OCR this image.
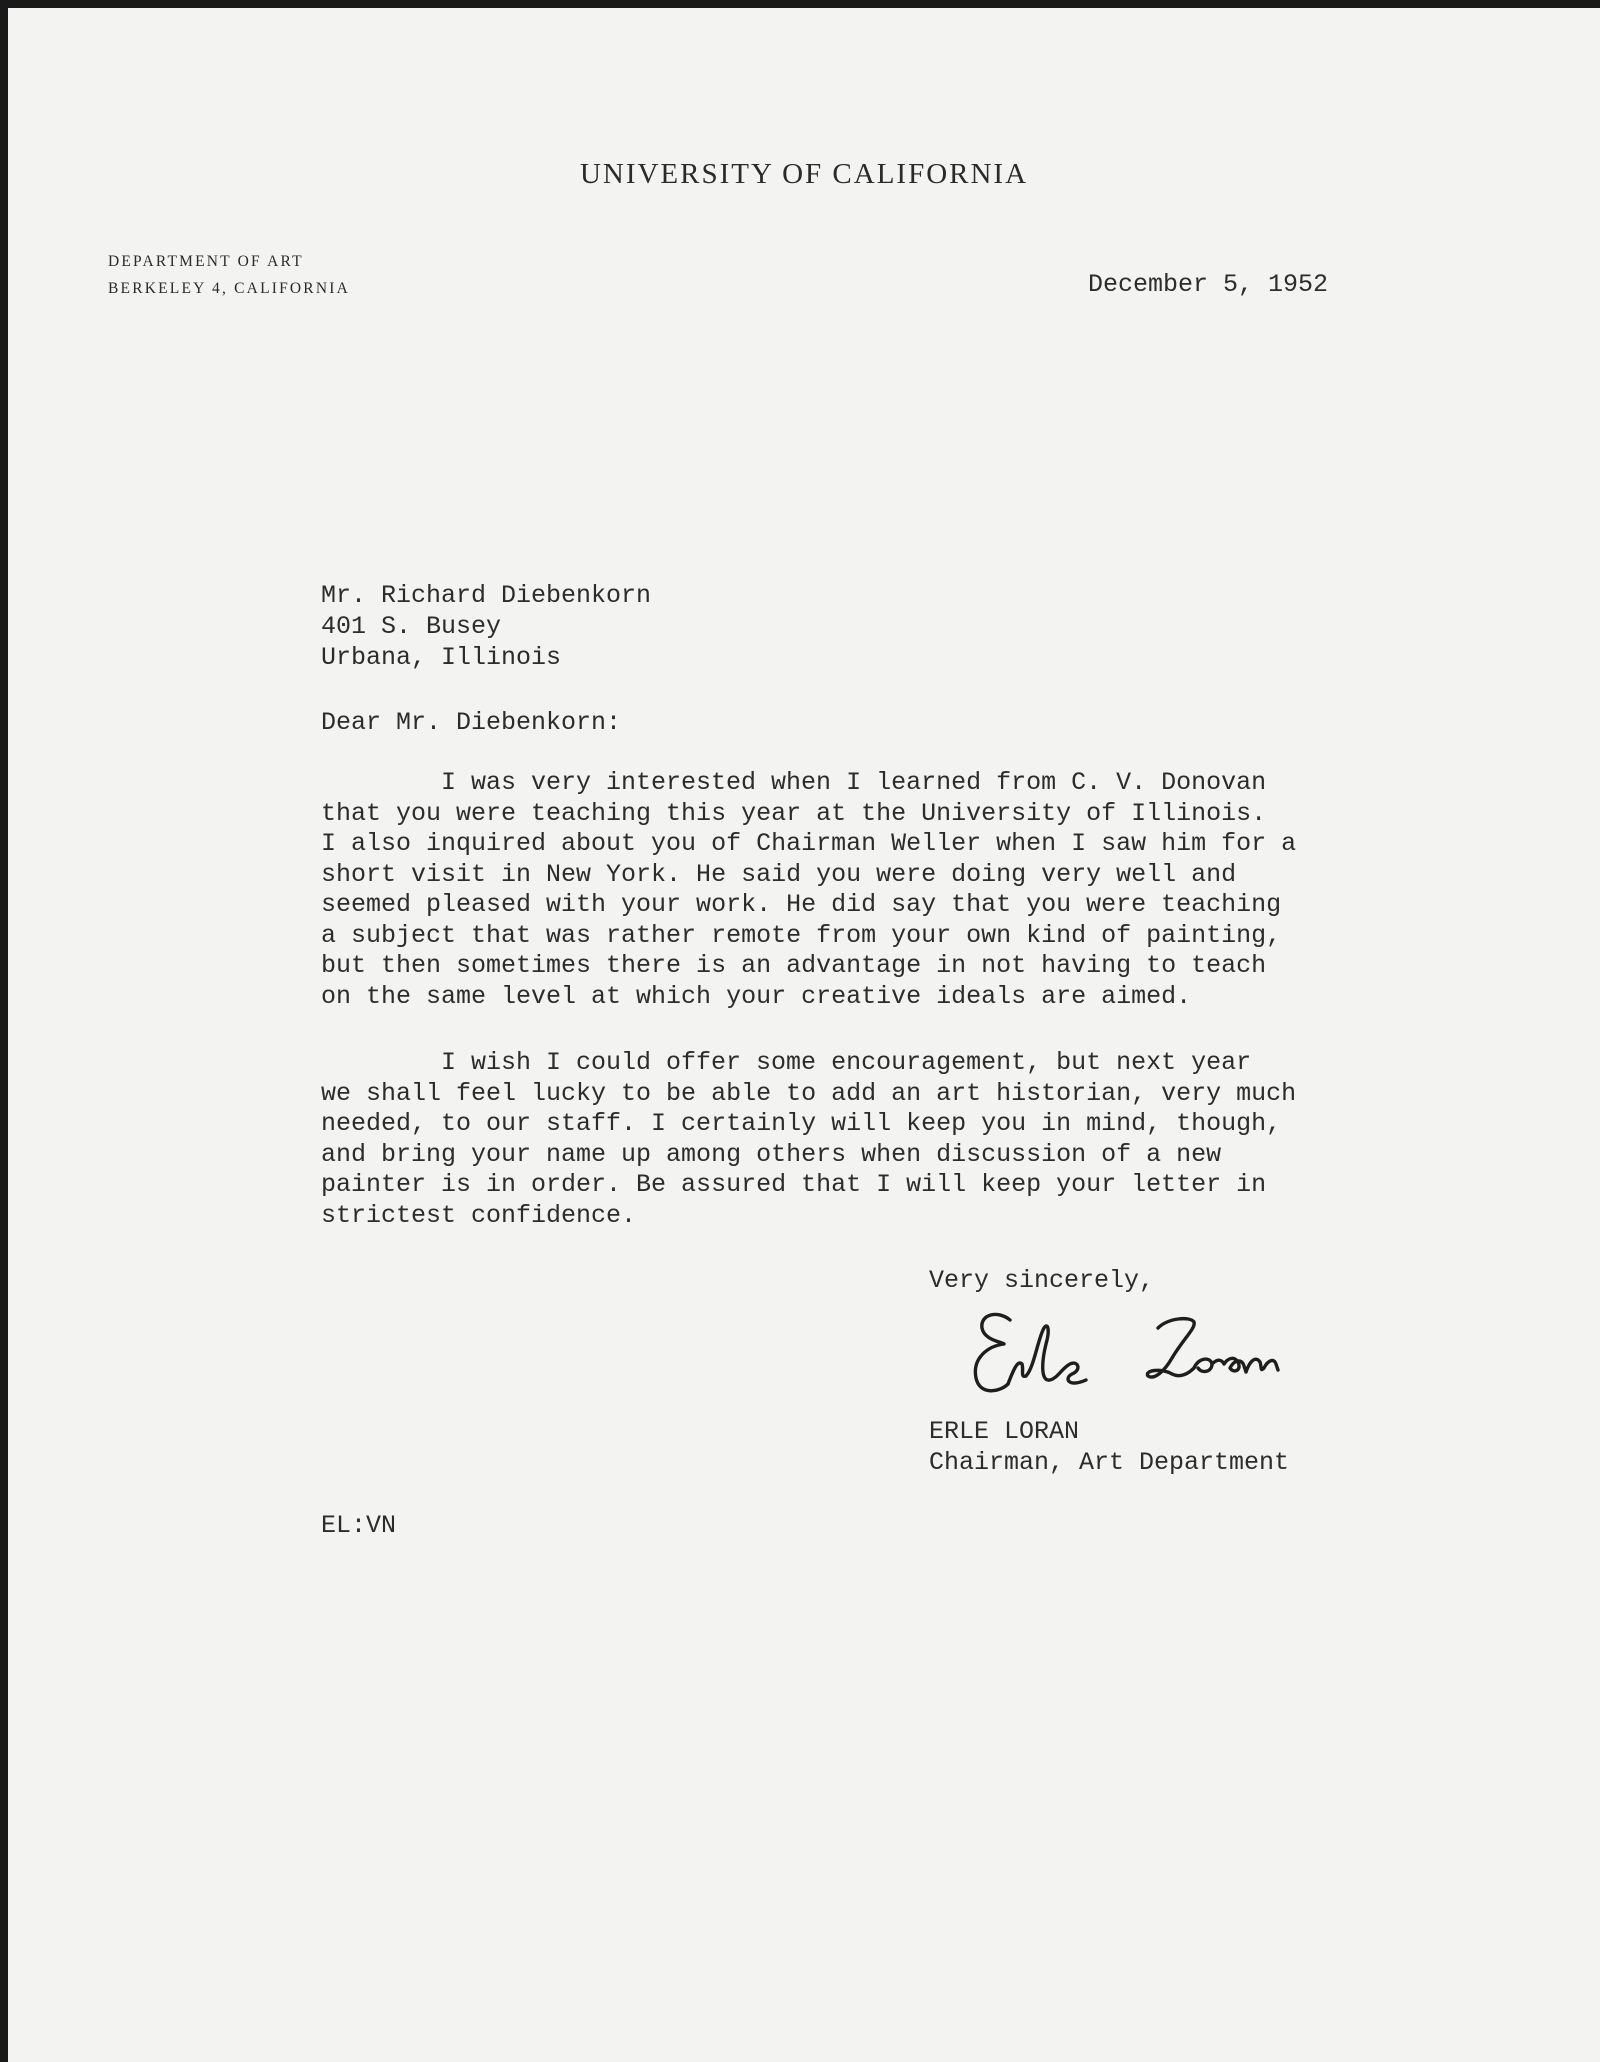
UNIVERSITY OF CALIFORNIA
DEPARTMENT OF ART
BERKELEY 4, CALIFORNIA	December 5, 1952
Mr. Richard Diebenkorn
401 S. Busey
Urbana, Illinois
Dear Mr. Diebenkorn:
I was very interested when I learned from C. V. Donovan
that you were teaching this year at the University of Illinois.
I also inquired about you of Chairman Weller when I saw him for a
short visit in New York. He said you were doing very well and
seemed pleased with your work. He did say that you were teaching
a subject that was rather remote from your own kind of painting,
but then sometimes there is an advantage in not having to teach
on the same level at which your creative ideals are aimed.
I wish I could offer some encouragement, but next year
we shall feel lucky to be able to add an art historian, very much
needed, to our staff. I certainly will keep you in mind, though,
and bring your name up among others when discussion of a new
painter is in order. Be assured that I will keep your letter in
strictest confidence.
Very sincerely,
ERLE LORAN
Chairman, Art Department
EL:VN
